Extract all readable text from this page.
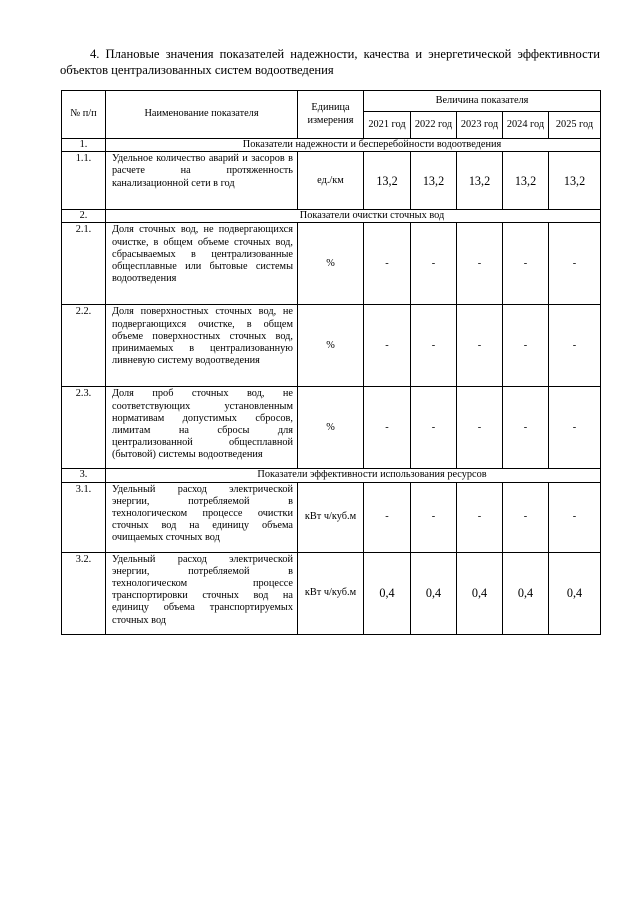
4. Плановые значения показателей надежности, качества и энергетической эффективности объектов централизованных систем водоотведения
№ п/п	Наименование показателя	Единица измерения	Величина показателя				
			2021 год	2022 год	2023 год	2024 год	2025 год
1.	Показатели надежности и бесперебойности водоотведения						
1.1.	Удельное количество аварий и засоров в расчете на протяженность канализационной сети в год	ед./км	13,2	13,2	13,2	13,2	13,2
2.	Показатели очистки сточных вод						
2.1.	Доля сточных вод, не подвергающихся очистке, в общем объеме сточных вод, сбрасываемых в централизованные общесплавные или бытовые системы водоотведения	%	-	-	-	-	-
2.2.	Доля поверхностных сточных вод, не подвергающихся очистке, в общем объеме поверхностных сточных вод, принимаемых в централизованную ливневую систему водоотведения	%	-	-	-	-	-
2.3.	Доля проб сточных вод, не соответствующих установленным нормативам допустимых сбросов, лимитам на сбросы для централизованной общесплавной (бытовой) системы водоотведения	%	-	-	-	-	-
3.	Показатели эффективности использования ресурсов						
3.1.	Удельный расход электрической энергии, потребляемой в технологическом процессе очистки сточных вод на единицу объема очищаемых сточных вод	кВт ч/куб.м	-	-	-	-	-
3.2.	Удельный расход электрической энергии, потребляемой в технологическом процессе транспортировки сточных вод на единицу объема транспортируемых сточных вод	кВт ч/куб.м	0,4	0,4	0,4	0,4	0,4
